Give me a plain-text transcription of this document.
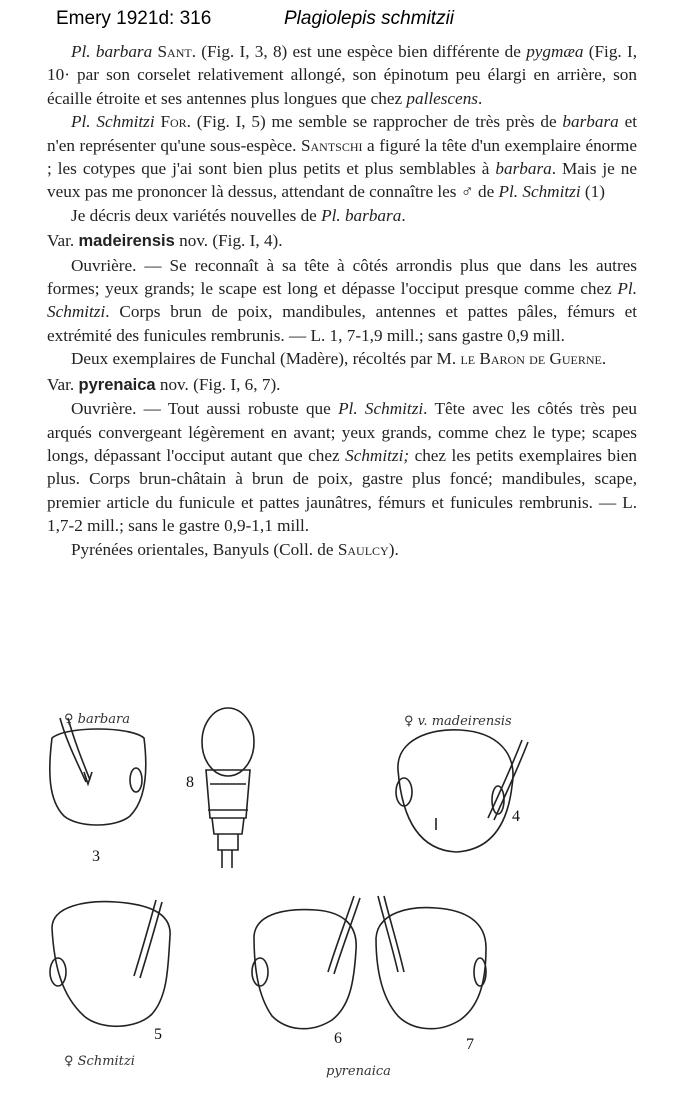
Emery 1921d: 316	Plagiolepis schmitzii

Pl. barbara Sant. (Fig. I, 3, 8) est une espèce bien différente de pygmæa (Fig. I, 10· par son corselet relativement allongé, son épinotum peu élargi en arrière, son écaille étroite et ses antennes plus longues que chez pallescens.

Pl. Schmitzi For. (Fig. I, 5) me semble se rapprocher de très près de barbara et n'en représenter qu'une sous-espèce. Santschi a figuré la tête d'un exemplaire énorme ; les cotypes que j'ai sont bien plus petits et plus semblables à barbara. Mais je ne veux pas me prononcer là dessus, attendant de connaître les ♂ de Pl. Schmitzi (1)

Je décris deux variétés nouvelles de Pl. barbara.

Var. madeirensis nov. (Fig. I, 4).

Ouvrière. — Se reconnaît à sa tête à côtés arrondis plus que dans les autres formes; yeux grands; le scape est long et dépasse l'occiput presque comme chez Pl. Schmitzi. Corps brun de poix, mandibules, antennes et pattes pâles, fémurs et extrémité des funicules rembrunis. — L. 1, 7-1,9 mill.; sans gastre 0,9 mill.

Deux exemplaires de Funchal (Madère), récoltés par M. le Baron de Guerne.

Var. pyrenaica nov. (Fig. I, 6, 7).

Ouvrière. — Tout aussi robuste que Pl. Schmitzi. Tête avec les côtés très peu arqués convergeant légèrement en avant; yeux grands, comme chez le type; scapes longs, dépassant l'occiput autant que chez Schmitzi; chez les petits exemplaires bien plus. Corps brun-châtain à brun de poix, gastre plus foncé; mandibules, scape, premier article du funicule et pattes jaunâtres, fémurs et funicules rembrunis. — L. 1,7-2 mill.; sans le gastre 0,9-1,1 mill.

Pyrénées orientales, Banyuls (Coll. de Saulcy).

3
8
4
5	6	7
♀ barbara	♀ v. madeirensis
♀ Schmitzi
pyrenaica
